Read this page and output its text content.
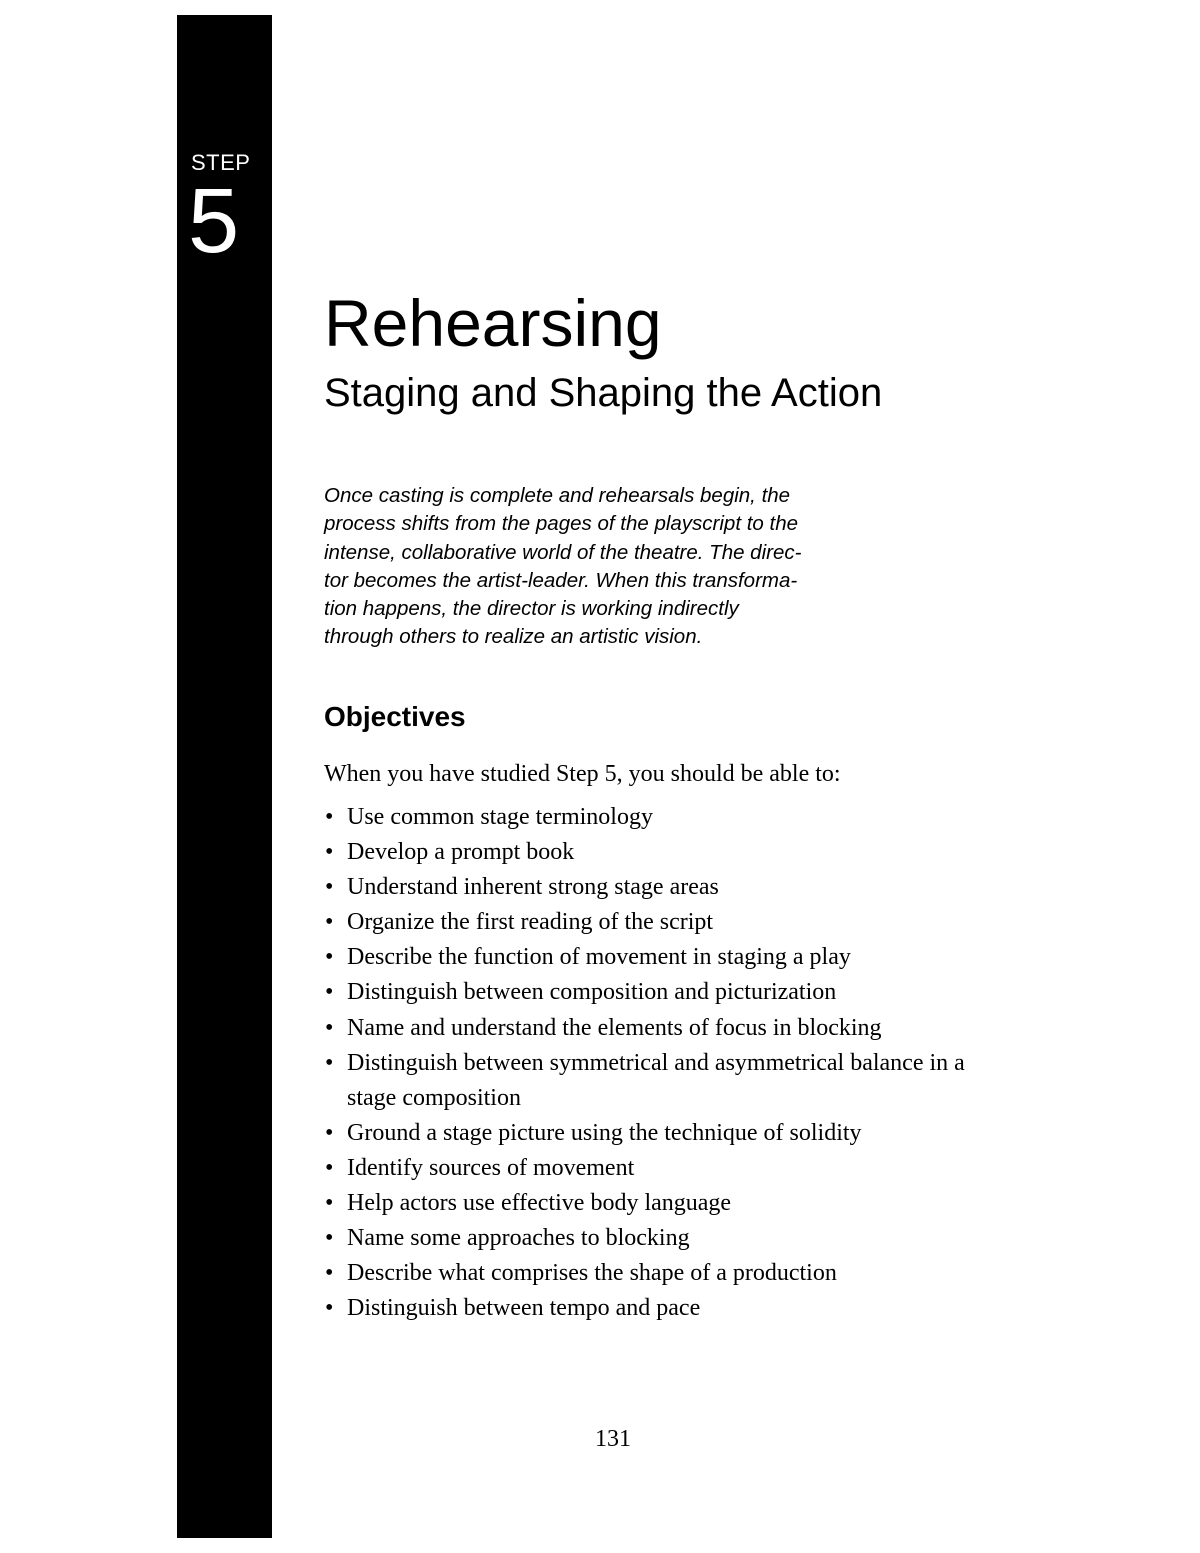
STEP
5
Rehearsing
Staging and Shaping the Action

Once casting is complete and rehearsals begin, the
process shifts from the pages of the playscript to the
intense, collaborative world of the theatre. The direc-
tor becomes the artist-leader. When this transforma-
tion happens, the director is working indirectly
through others to realize an artistic vision.

Objectives

When you have studied Step 5, you should be able to:

• Use common stage terminology
• Develop a prompt book
• Understand inherent strong stage areas
• Organize the first reading of the script
• Describe the function of movement in staging a play
• Distinguish between composition and picturization
• Name and understand the elements of focus in blocking
• Distinguish between symmetrical and asymmetrical balance in a stage composition
• Ground a stage picture using the technique of solidity
• Identify sources of movement
• Help actors use effective body language
• Name some approaches to blocking
• Describe what comprises the shape of a production
• Distinguish between tempo and pace
131
